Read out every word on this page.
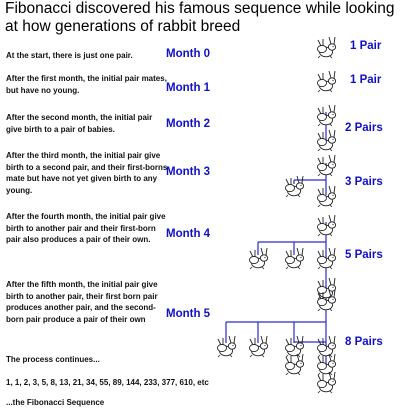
Fibonacci discovered his famous sequence while looking at how generations of rabbit breed

At the start, there is just one pair.

After the first month, the initial pair mates, but have no young.

After the second month, the initial pair give birth to a pair of babies.

After the third month, the initial pair give birth to a second pair, and their first-borns mate but have not yet given birth to any young.

After the fourth month, the initial pair give birth to another pair and their first-born pair also produces a pair of their own.

After the fifth month, the initial pair give birth to another pair, their first born pair produces another pair, and the second-born pair produce a pair of their own

Month 0

Month 1

Month 2

Month 3

Month 4

Month 5

1 Pair

1 Pair

2 Pairs

3 Pairs

5 Pairs

8 Pairs

The process continues...

1, 1, 2, 3, 5, 8, 13, 21, 34, 55, 89, 144, 233, 377, 610, etc

...the Fibonacci Sequence
